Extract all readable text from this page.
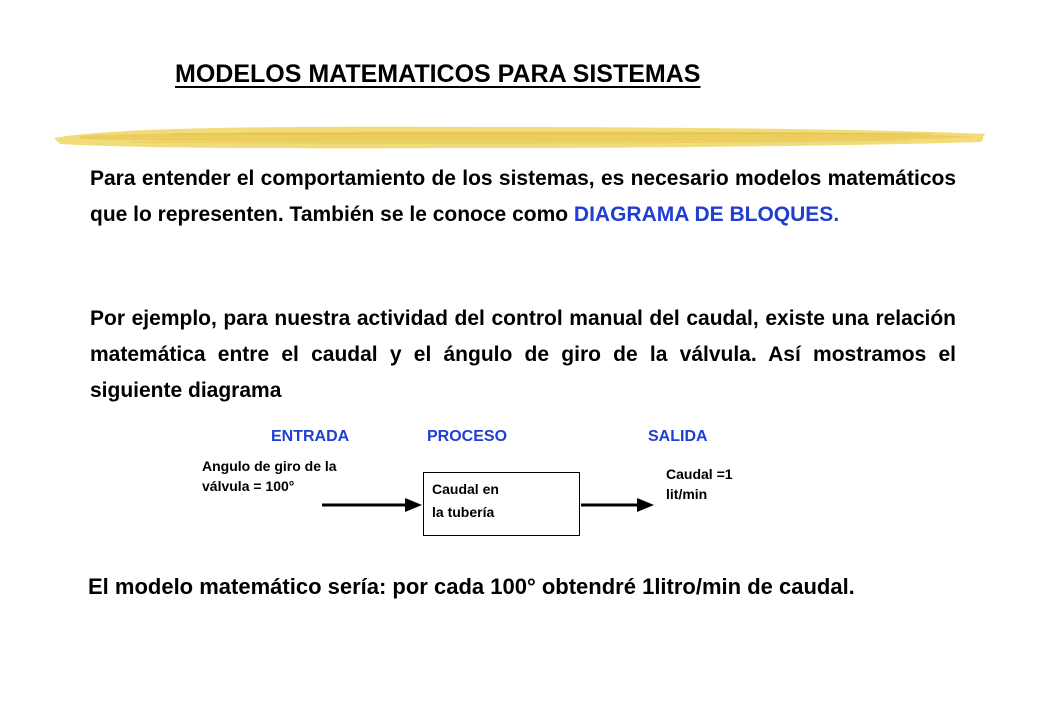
MODELOS MATEMATICOS PARA SISTEMAS
Para entender el comportamiento de los sistemas, es necesario modelos matemáticos que lo representen. También se le conoce como DIAGRAMA DE BLOQUES.
Por ejemplo, para nuestra actividad del control manual del caudal, existe una relación matemática entre el caudal y el ángulo de giro de la válvula. Así mostramos el siguiente diagrama
ENTRADA	PROCESO	SALIDA
Angulo de giro de la
válvula = 100°	Caudal en
la tubería
Caudal =1
lit/min
El modelo matemático sería: por cada 100° obtendré 1litro/min de caudal.
